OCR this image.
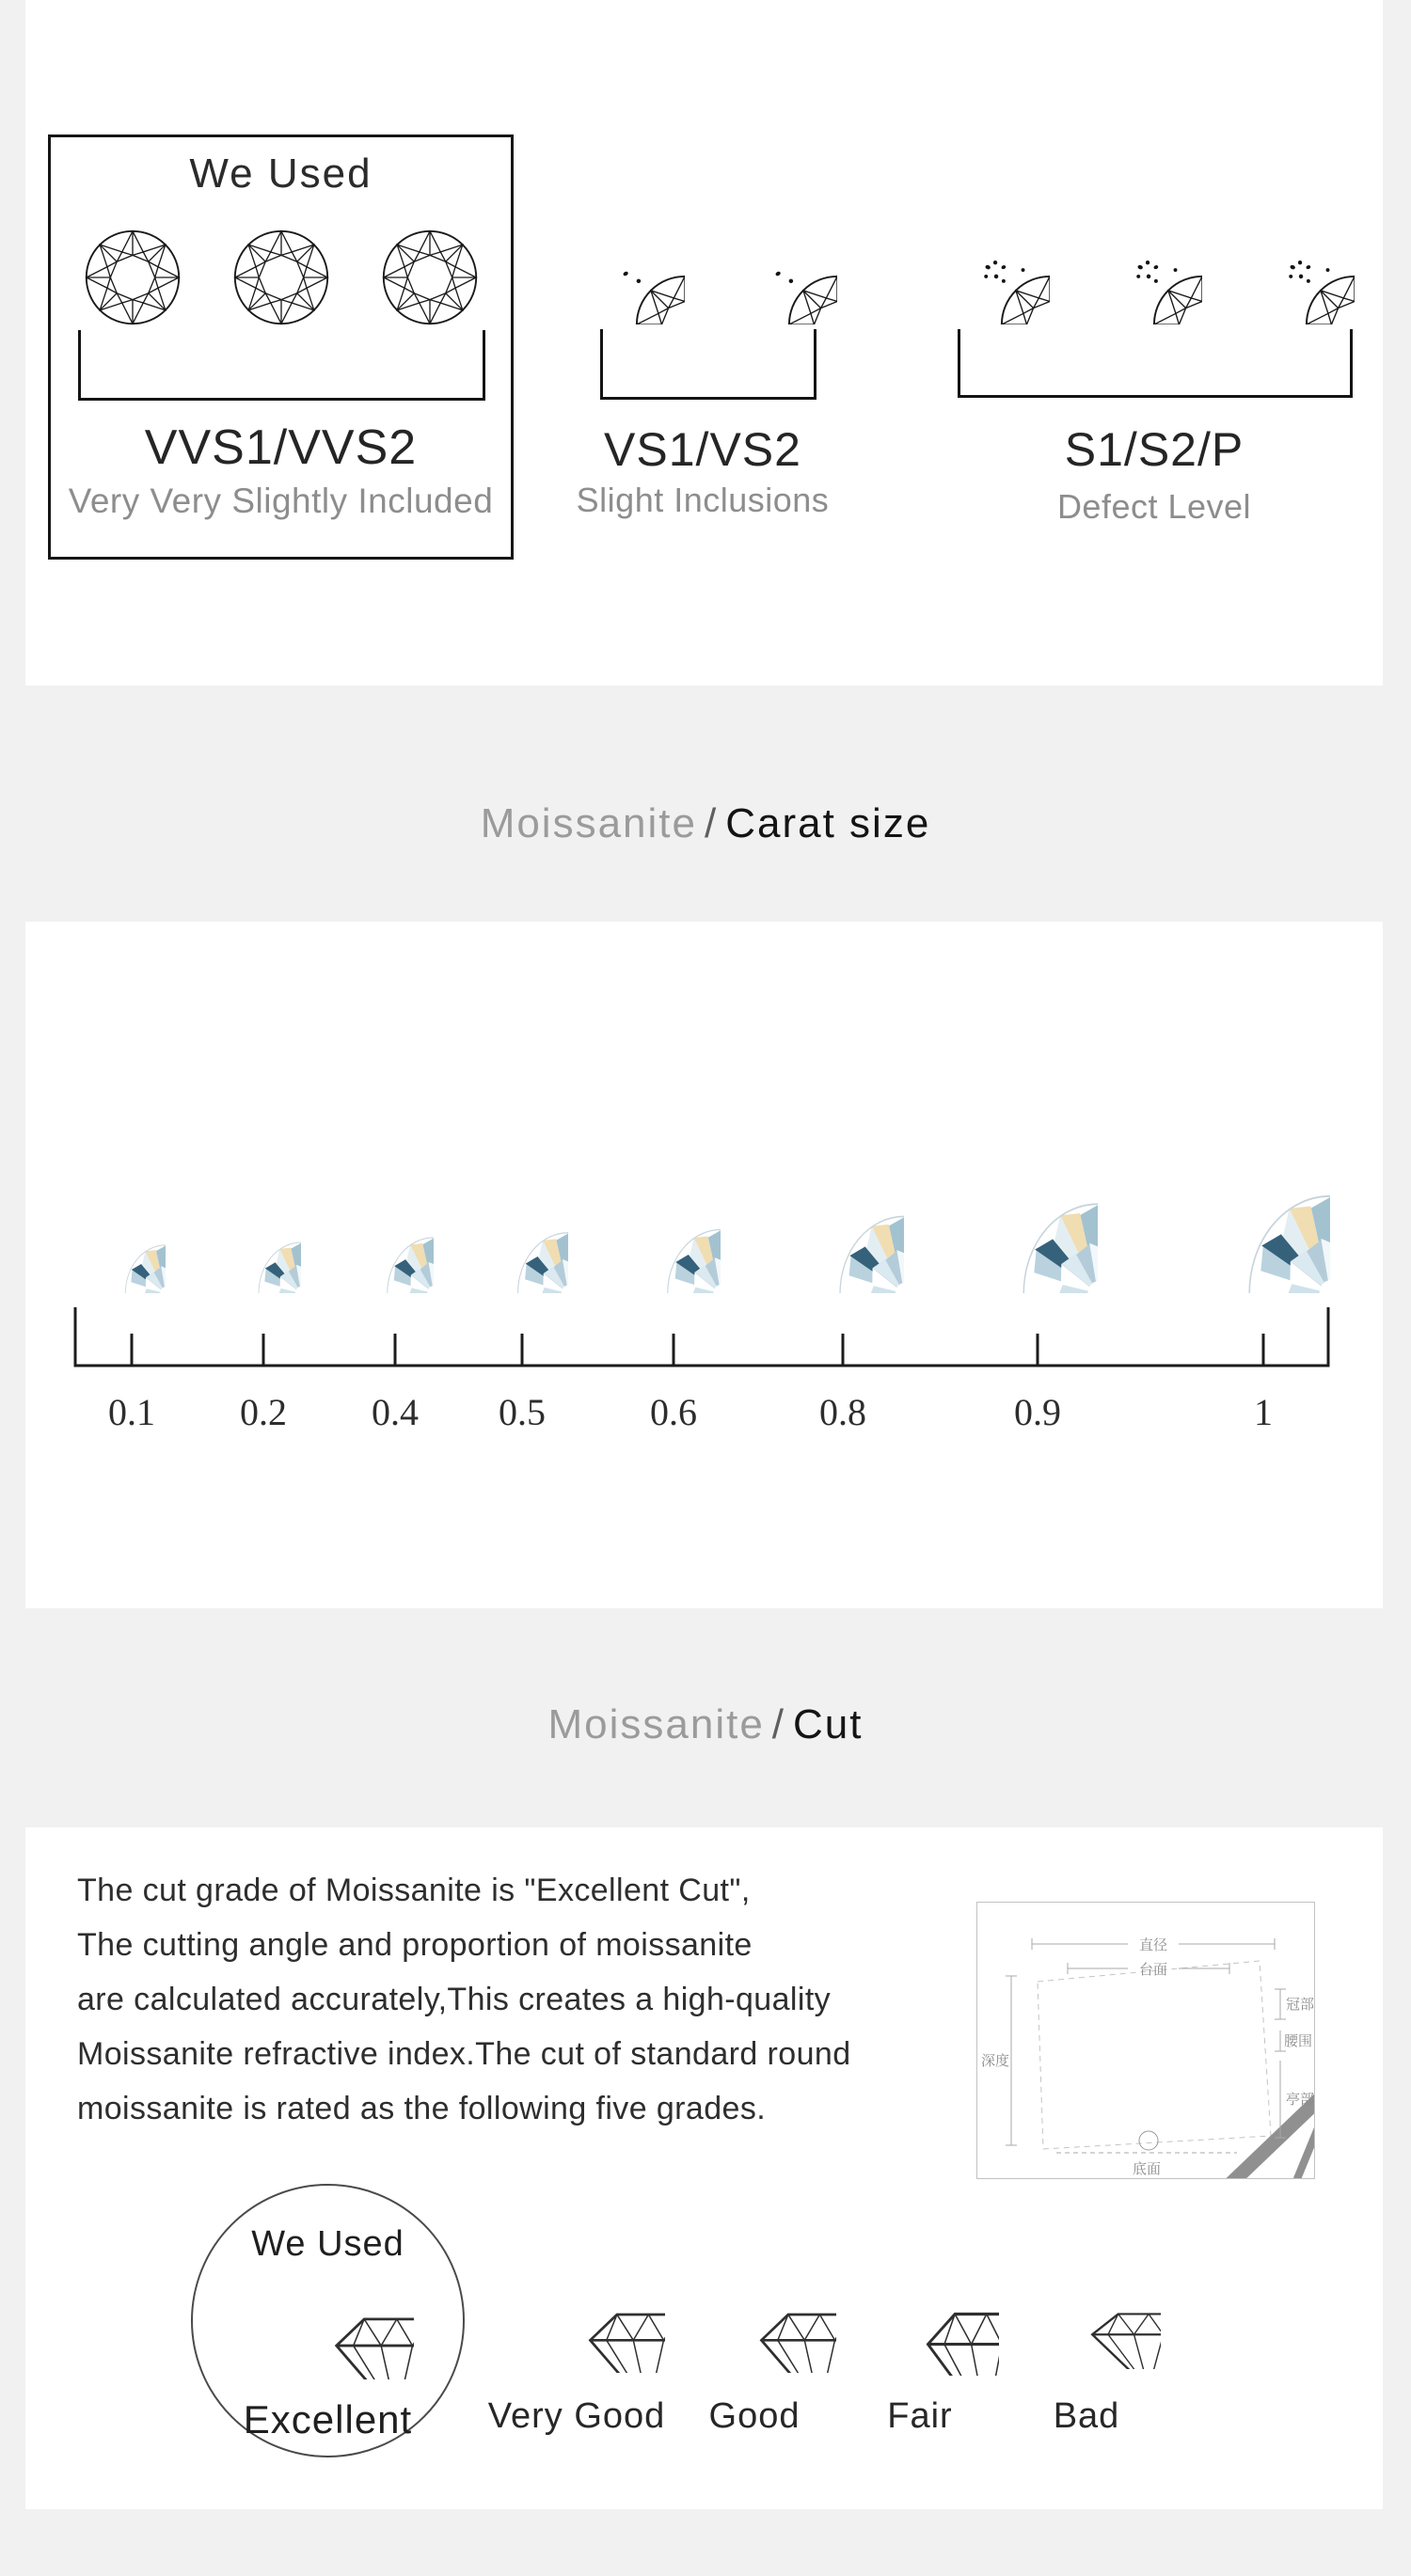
We Used
VVS1/VVS2
Very Very Slightly Included
VS1/VS2
Slight Inclusions
S1/S2/P
Defect Level
Moissanite / Carat size
0.1	0.2	0.4	0.5	0.6	0.8	0.9	1
Moissanite / Cut
The cut grade of Moissanite is "Excellent Cut",
The cutting angle and proportion of moissanite
are calculated accurately,This creates a high-quality
Moissanite refractive index.The cut of standard round
moissanite is rated as the following five grades.
直径
台面
深度
冠部
腰围
亭部
底面
We Used
Excellent	Very Good	Good	Fair	Bad
